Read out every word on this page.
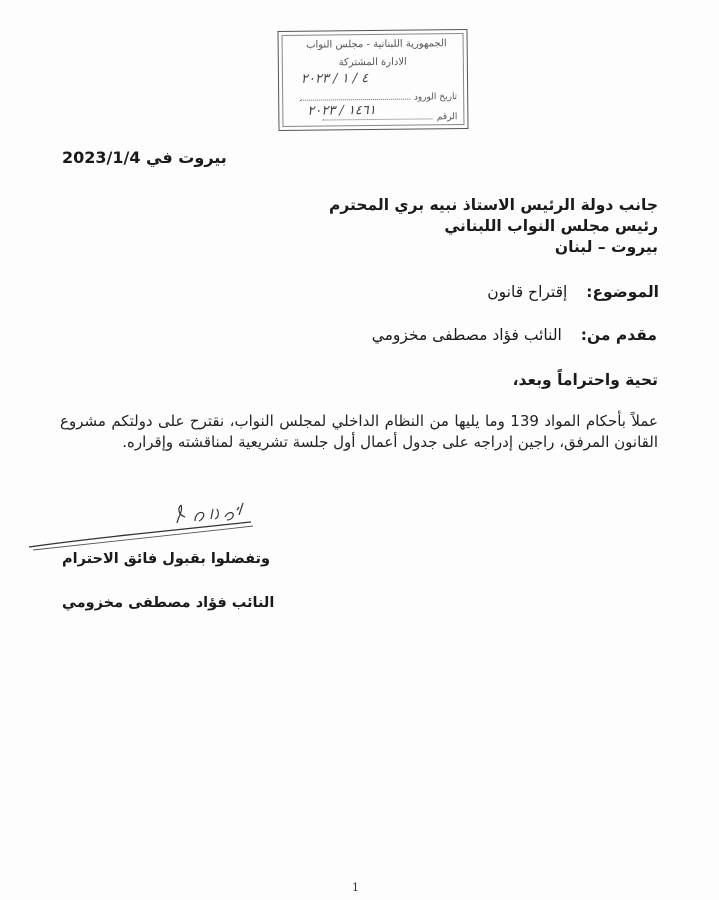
الجمهورية اللبنانية - مجلس النواب
الادارة المشتركة
٤ / ١ / ٢٠٢٣
تاريخ الورود
١٤٦١ / ٢٠٢٣	الرقم
بيروت في 2023/1/4
جانب دولة الرئيس الاستاذ نبيه بري المحترم
رئيس مجلس النواب اللبناني
بيروت – لبنان
الموضوع: إقتراح قانون
مقدم من: النائب فؤاد مصطفى مخزومي
تحية واحتراماً وبعد،
عملاً بأحكام المواد 139 وما يليها من النظام الداخلي لمجلس النواب، نقترح على دولتكم مشروع القانون المرفق، راجين إدراجه على جدول أعمال أول جلسة تشريعية لمناقشته وإقراره.
وتفضلوا بقبول فائق الاحترام
النائب فؤاد مصطفى مخزومي
1
